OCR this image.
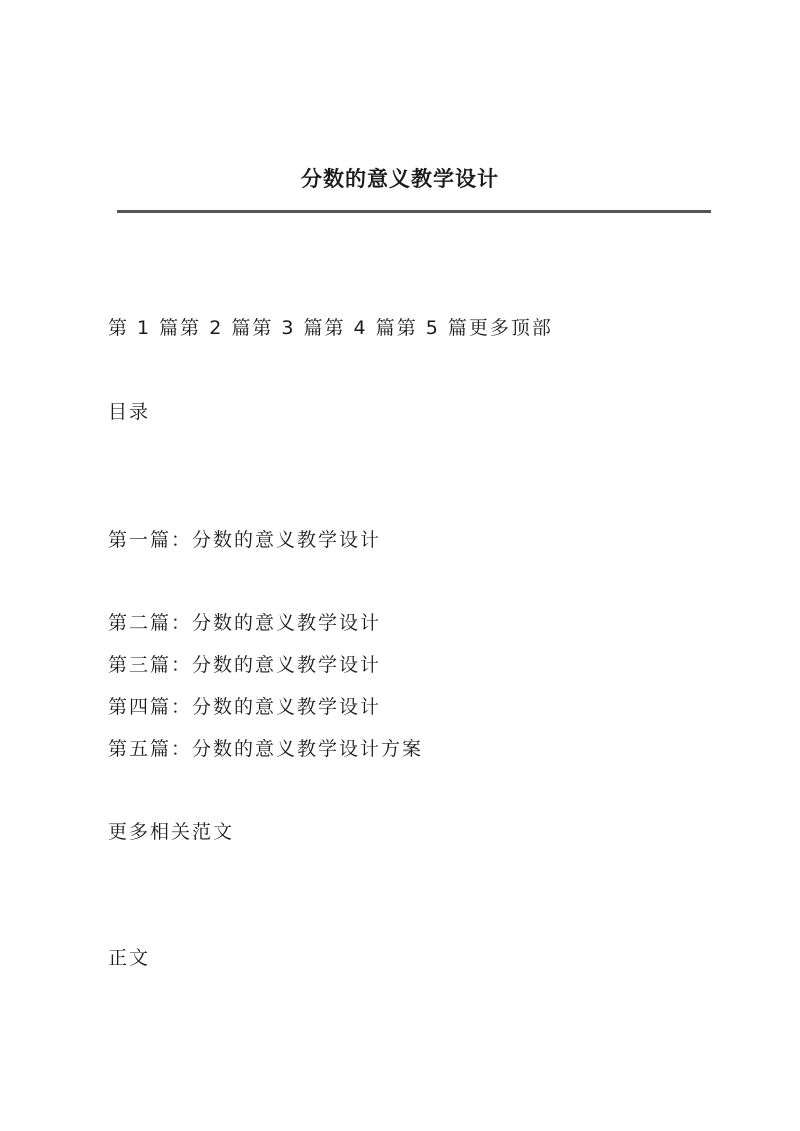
分数的意义教学设计
第 1 篇第 2 篇第 3 篇第 4 篇第 5 篇更多顶部
目录
第一篇：分数的意义教学设计
第二篇：分数的意义教学设计
第三篇：分数的意义教学设计
第四篇：分数的意义教学设计
第五篇：分数的意义教学设计方案
更多相关范文
正文
